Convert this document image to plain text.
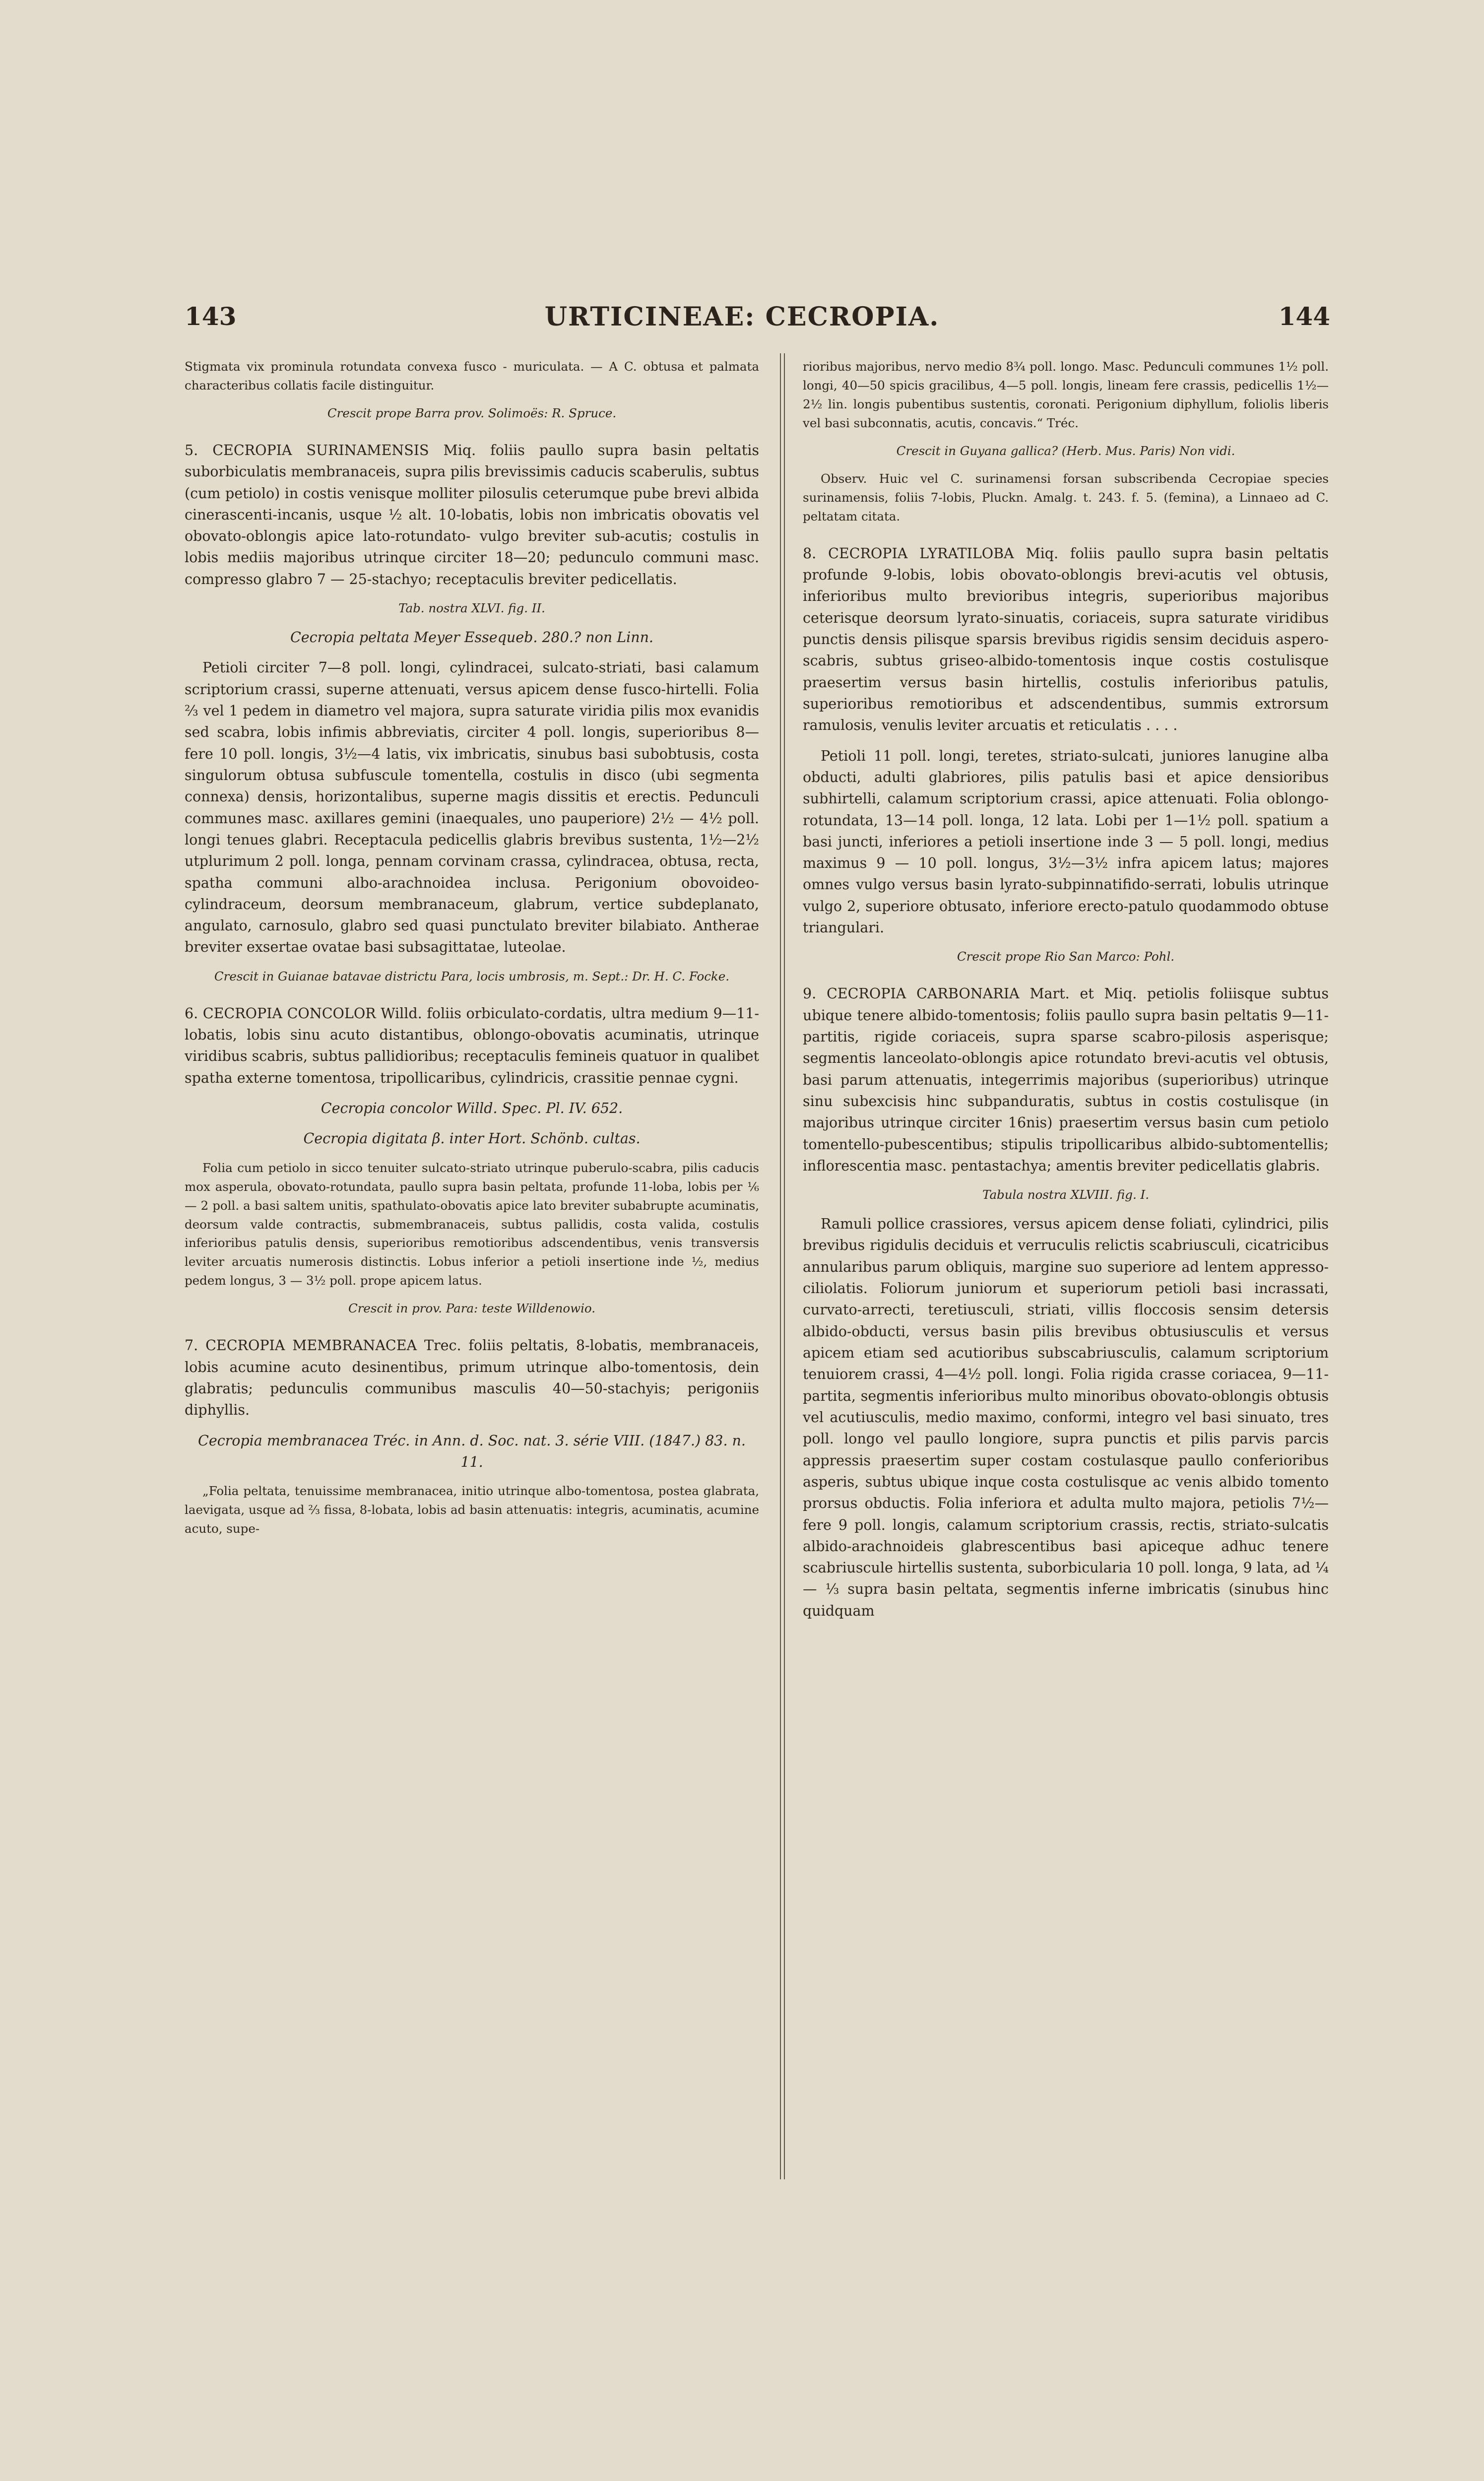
URTICINEAE: CECROPIA.
143	144

Stigmata vix prominula rotundata convexa fusco - muriculata. — A C. obtusa et palmata characteribus collatis facile distinguitur.

Crescit prope Barra prov. Solimoës: R. Spruce.

5. CECROPIA SURINAMENSIS Miq. foliis paullo supra basin peltatis suborbiculatis membranaceis, supra pilis brevissimis caducis scaberulis, subtus (cum petiolo) in costis venisque molliter pilosulis ceterumque pube brevi albida cinerascenti-incanis, usque ½ alt. 10-lobatis, lobis non imbricatis obovatis vel obovato-oblongis apice lato-rotundato- vulgo breviter sub-acutis; costulis in lobis mediis majoribus utrinque circiter 18—20; pedunculo communi masc. compresso glabro 7 — 25-stachyo; receptaculis breviter pedicellatis.

Tab. nostra XLVI. fig. II.

Cecropia peltata Meyer Essequeb. 280.? non Linn.

Petioli circiter 7—8 poll. longi, cylindracei, sulcato-striati, basi calamum scriptorium crassi, superne attenuati, versus apicem dense fusco-hirtelli. Folia ⅔ vel 1 pedem in diametro vel majora, supra saturate viridia pilis mox evanidis sed scabra, lobis infimis abbreviatis, circiter 4 poll. longis, superioribus 8— fere 10 poll. longis, 3½—4 latis, vix imbricatis, sinubus basi subobtusis, costa singulorum obtusa subfuscule tomentella, costulis in disco (ubi segmenta connexa) densis, horizontalibus, superne magis dissitis et erectis. Pedunculi communes masc. axillares gemini (inaequales, uno pauperiore) 2½ — 4½ poll. longi tenues glabri. Receptacula pedicellis glabris brevibus sustenta, 1½—2½ utplurimum 2 poll. longa, pennam corvinam crassa, cylindracea, obtusa, recta, spatha communi albo-arachnoidea inclusa. Perigonium obovoideo-cylindraceum, deorsum membranaceum, glabrum, vertice subdeplanato, angulato, carnosulo, glabro sed quasi punctulato breviter bilabiato. Antherae breviter exsertae ovatae basi subsagittatae, luteolae.

Crescit in Guianae batavae districtu Para, locis umbrosis, m. Sept.: Dr. H. C. Focke.

6. CECROPIA CONCOLOR Willd. foliis orbiculato-cordatis, ultra medium 9—11-lobatis, lobis sinu acuto distantibus, oblongo-obovatis acuminatis, utrinque viridibus scabris, subtus pallidioribus; receptaculis femineis quatuor in qualibet spatha externe tomentosa, tripollicaribus, cylindricis, crassitie pennae cygni.

Cecropia concolor Willd. Spec. Pl. IV. 652.

Cecropia digitata β. inter Hort. Schönb. cultas.

Folia cum petiolo in sicco tenuiter sulcato-striato utrinque puberulo-scabra, pilis caducis mox asperula, obovato-rotundata, paullo supra basin peltata, profunde 11-loba, lobis per ⅙ — 2 poll. a basi saltem unitis, spathulato-obovatis apice lato breviter subabrupte acuminatis, deorsum valde contractis, submembranaceis, subtus pallidis, costa valida, costulis inferioribus patulis densis, superioribus remotioribus adscendentibus, venis transversis leviter arcuatis numerosis distinctis. Lobus inferior a petioli insertione inde ½, medius pedem longus, 3 — 3½ poll. prope apicem latus.

Crescit in prov. Para: teste Willdenowio.

7. CECROPIA MEMBRANACEA Trec. foliis peltatis, 8-lobatis, membranaceis, lobis acumine acuto desinentibus, primum utrinque albo-tomentosis, dein glabratis; pedunculis communibus masculis 40—50-stachyis; perigoniis diphyllis.

Cecropia membranacea Tréc. in Ann. d. Soc. nat. 3. série VIII. (1847.) 83. n. 11.

„Folia peltata, tenuissime membranacea, initio utrinque albo-tomentosa, postea glabrata, laevigata, usque ad ⅔ fissa, 8-lobata, lobis ad basin attenuatis: integris, acuminatis, acumine acuto, supe-

rioribus majoribus, nervo medio 8¾ poll. longo. Masc. Pedunculi communes 1½ poll. longi, 40—50 spicis gracilibus, 4—5 poll. longis, lineam fere crassis, pedicellis 1½—2½ lin. longis pubentibus sustentis, coronati. Perigonium diphyllum, foliolis liberis vel basi subconnatis, acutis, concavis.“ Tréc.

Crescit in Guyana gallica? (Herb. Mus. Paris) Non vidi.

Observ. Huic vel C. surinamensi forsan subscribenda Cecropiae species surinamensis, foliis 7-lobis, Pluckn. Amalg. t. 243. f. 5. (femina), a Linnaeo ad C. peltatam citata.

8. CECROPIA LYRATILOBA Miq. foliis paullo supra basin peltatis profunde 9-lobis, lobis obovato-oblongis brevi-acutis vel obtusis, inferioribus multo brevioribus integris, superioribus majoribus ceterisque deorsum lyrato-sinuatis, coriaceis, supra saturate viridibus punctis densis pilisque sparsis brevibus rigidis sensim deciduis aspero-scabris, subtus griseo-albido-tomentosis inque costis costulisque praesertim versus basin hirtellis, costulis inferioribus patulis, superioribus remotioribus et adscendentibus, summis extrorsum ramulosis, venulis leviter arcuatis et reticulatis . . . .

Petioli 11 poll. longi, teretes, striato-sulcati, juniores lanugine alba obducti, adulti glabriores, pilis patulis basi et apice densioribus subhirtelli, calamum scriptorium crassi, apice attenuati. Folia oblongo-rotundata, 13—14 poll. longa, 12 lata. Lobi per 1—1½ poll. spatium a basi juncti, inferiores a petioli insertione inde 3 — 5 poll. longi, medius maximus 9 — 10 poll. longus, 3½—3½ infra apicem latus; majores omnes vulgo versus basin lyrato-subpinnatifido-serrati, lobulis utrinque vulgo 2, superiore obtusato, inferiore erecto-patulo quodammodo obtuse triangulari.

Crescit prope Rio San Marco: Pohl.

9. CECROPIA CARBONARIA Mart. et Miq. petiolis foliisque subtus ubique tenere albido-tomentosis; foliis paullo supra basin peltatis 9—11-partitis, rigide coriaceis, supra sparse scabro-pilosis asperisque; segmentis lanceolato-oblongis apice rotundato brevi-acutis vel obtusis, basi parum attenuatis, integerrimis majoribus (superioribus) utrinque sinu subexcisis hinc subpanduratis, subtus in costis costulisque (in majoribus utrinque circiter 16nis) praesertim versus basin cum petiolo tomentello-pubescentibus; stipulis tripollicaribus albido-subtomentellis; inflorescentia masc. pentastachya; amentis breviter pedicellatis glabris.

Tabula nostra XLVIII. fig. I.

Ramuli pollice crassiores, versus apicem dense foliati, cylindrici, pilis brevibus rigidulis deciduis et verruculis relictis scabriusculi, cicatricibus annularibus parum obliquis, margine suo superiore ad lentem appresso-ciliolatis. Foliorum juniorum et superiorum petioli basi incrassati, curvato-arrecti, teretiusculi, striati, villis floccosis sensim detersis albido-obducti, versus basin pilis brevibus obtusiusculis et versus apicem etiam sed acutioribus subscabriusculis, calamum scriptorium tenuiorem crassi, 4—4½ poll. longi. Folia rigida crasse coriacea, 9—11-partita, segmentis inferioribus multo minoribus obovato-oblongis obtusis vel acutiusculis, medio maximo, conformi, integro vel basi sinuato, tres poll. longo vel paullo longiore, supra punctis et pilis parvis parcis appressis praesertim super costam costulasque paullo conferioribus asperis, subtus ubique inque costa costulisque ac venis albido tomento prorsus obductis. Folia inferiora et adulta multo majora, petiolis 7½— fere 9 poll. longis, calamum scriptorium crassis, rectis, striato-sulcatis albido-arachnoideis glabrescentibus basi apiceque adhuc tenere scabriuscule hirtellis sustenta, suborbicularia 10 poll. longa, 9 lata, ad ¼ — ⅓ supra basin peltata, segmentis inferne imbricatis (sinubus hinc quidquam
